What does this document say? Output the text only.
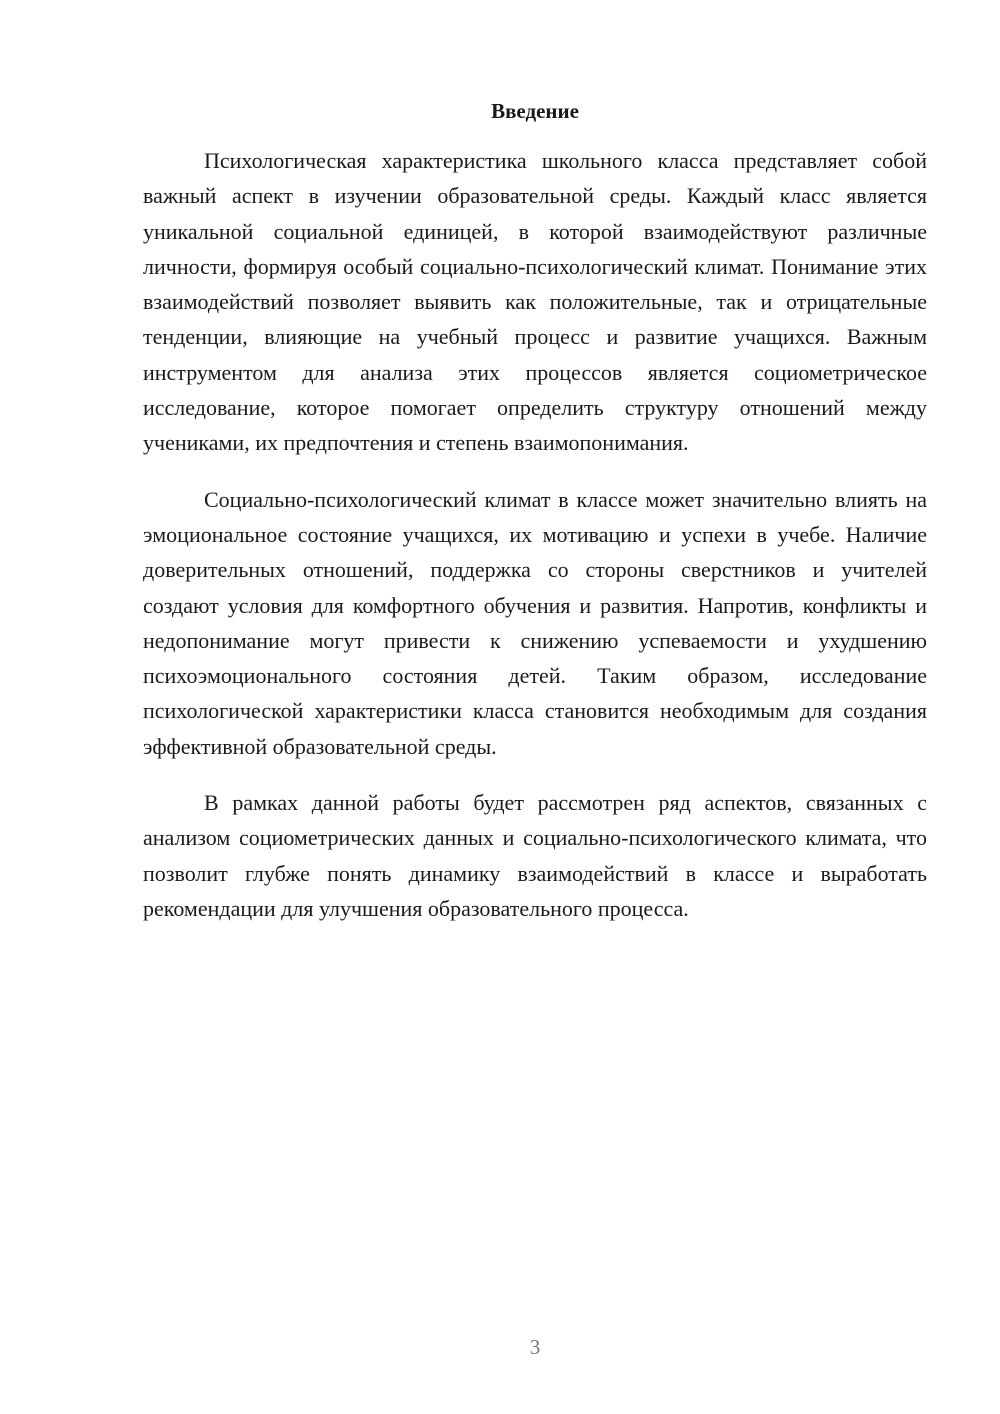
Введение

Психологическая характеристика школьного класса представляет собой важный аспект в изучении образовательной среды. Каждый класс является уникальной социальной единицей, в которой взаимодействуют различные личности, формируя особый социально-психологический климат. Понимание этих взаимодействий позволяет выявить как положительные, так и отрицательные тенденции, влияющие на учебный процесс и развитие учащихся. Важным инструментом для анализа этих процессов является социометрическое исследование, которое помогает определить структуру отношений между учениками, их предпочтения и степень взаимопонимания.

Социально-психологический климат в классе может значительно влиять на эмоциональное состояние учащихся, их мотивацию и успехи в учебе. Наличие доверительных отношений, поддержка со стороны сверстников и учителей создают условия для комфортного обучения и развития. Напротив, конфликты и недопонимание могут привести к снижению успеваемости и ухудшению психоэмоционального состояния детей. Таким образом, исследование психологической характеристики класса становится необходимым для создания эффективной образовательной среды.

В рамках данной работы будет рассмотрен ряд аспектов, связанных с анализом социометрических данных и социально-психологического климата, что позволит глубже понять динамику взаимодействий в классе и выработать рекомендации для улучшения образовательного процесса.

3
